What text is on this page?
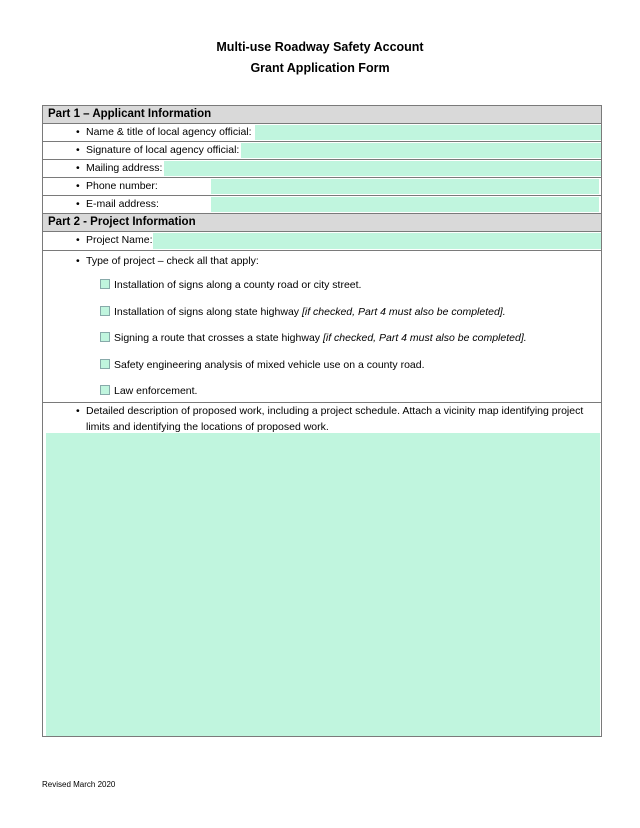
Multi-use Roadway Safety Account
Grant Application Form
Part 1 – Applicant Information
• Name & title of local agency official:
• Signature of local agency official:
• Mailing address:
• Phone number:
• E-mail address:
Part 2 - Project Information
• Project Name:
• Type of project – check all that apply:
Installation of signs along a county road or city street.
Installation of signs along state highway [if checked, Part 4 must also be completed].
Signing a route that crosses a state highway [if checked, Part 4 must also be completed].
Safety engineering analysis of mixed vehicle use on a county road.
Law enforcement.
• Detailed description of proposed work, including a project schedule. Attach a vicinity map identifying project limits and identifying the locations of proposed work.
Revised March 2020
